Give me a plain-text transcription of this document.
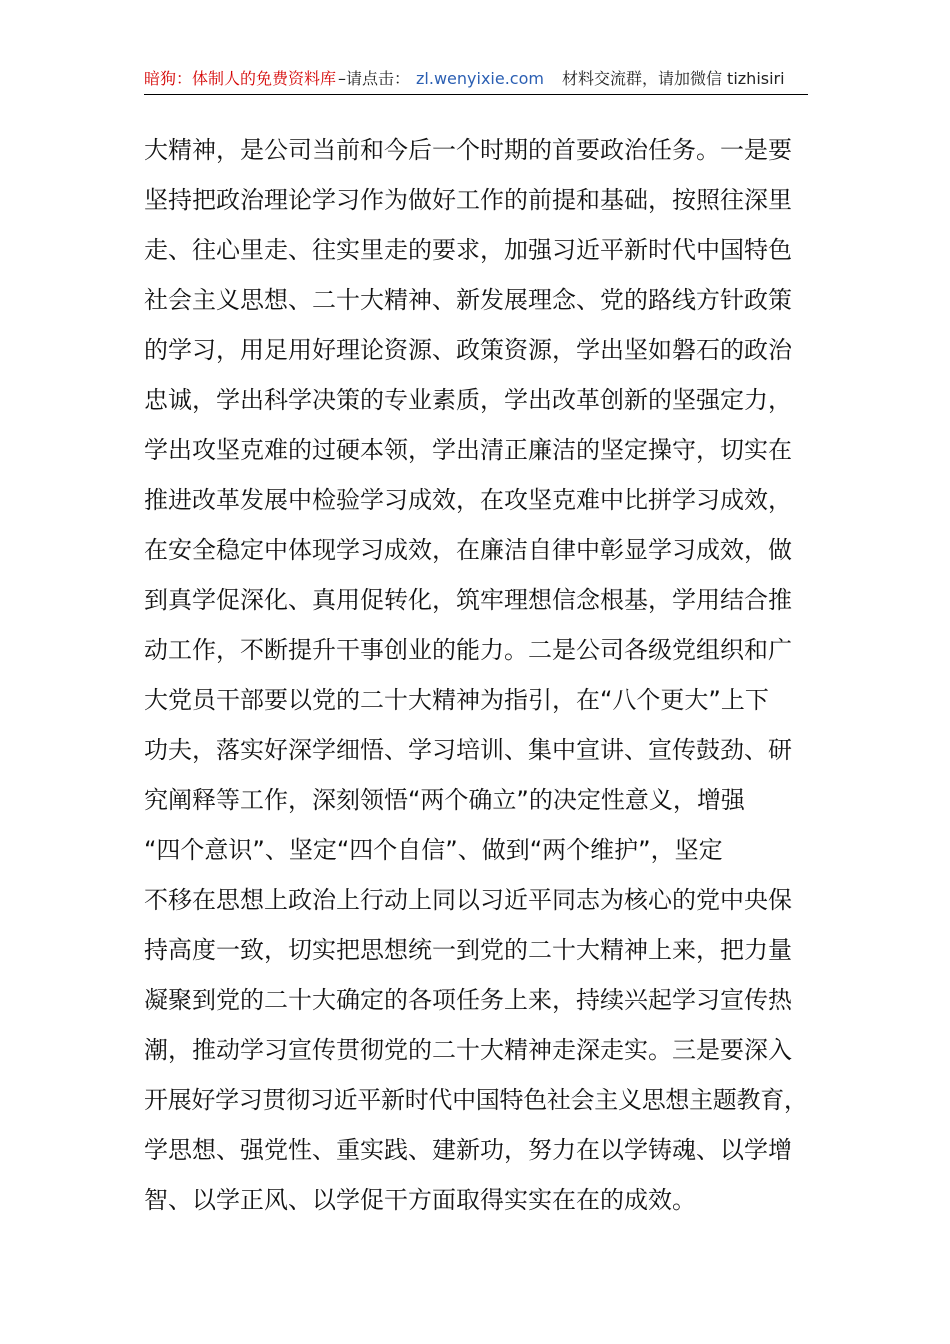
暗狗：体制人的免费资料库 –请点击： zl.wenyixie.com 材料交流群，请加微信 tizhisiri
大精神，是公司当前和今后一个时期的首要政治任务。一是要
坚持把政治理论学习作为做好工作的前提和基础，按照往深里
走、往心里走、往实里走的要求，加强习近平新时代中国特色
社会主义思想、二十大精神、新发展理念、党的路线方针政策
的学习，用足用好理论资源、政策资源，学出坚如磐石的政治
忠诚，学出科学决策的专业素质，学出改革创新的坚强定力，
学出攻坚克难的过硬本领，学出清正廉洁的坚定操守，切实在
推进改革发展中检验学习成效，在攻坚克难中比拼学习成效，
在安全稳定中体现学习成效，在廉洁自律中彰显学习成效，做
到真学促深化、真用促转化，筑牢理想信念根基，学用结合推
动工作，不断提升干事创业的能力。二是公司各级党组织和广
大党员干部要以党的二十大精神为指引，在“八个更大”上下
功夫，落实好深学细悟、学习培训、集中宣讲、宣传鼓劲、研
究阐释等工作，深刻领悟“两个确立”的决定性意义，增强
“四个意识”、坚定“四个自信”、做到“两个维护”，坚定
不移在思想上政治上行动上同以习近平同志为核心的党中央保
持高度一致，切实把思想统一到党的二十大精神上来，把力量
凝聚到党的二十大确定的各项任务上来，持续兴起学习宣传热
潮，推动学习宣传贯彻党的二十大精神走深走实。三是要深入
开展好学习贯彻习近平新时代中国特色社会主义思想主题教育，
学思想、强党性、重实践、建新功，努力在以学铸魂、以学增
智、以学正风、以学促干方面取得实实在在的成效。
